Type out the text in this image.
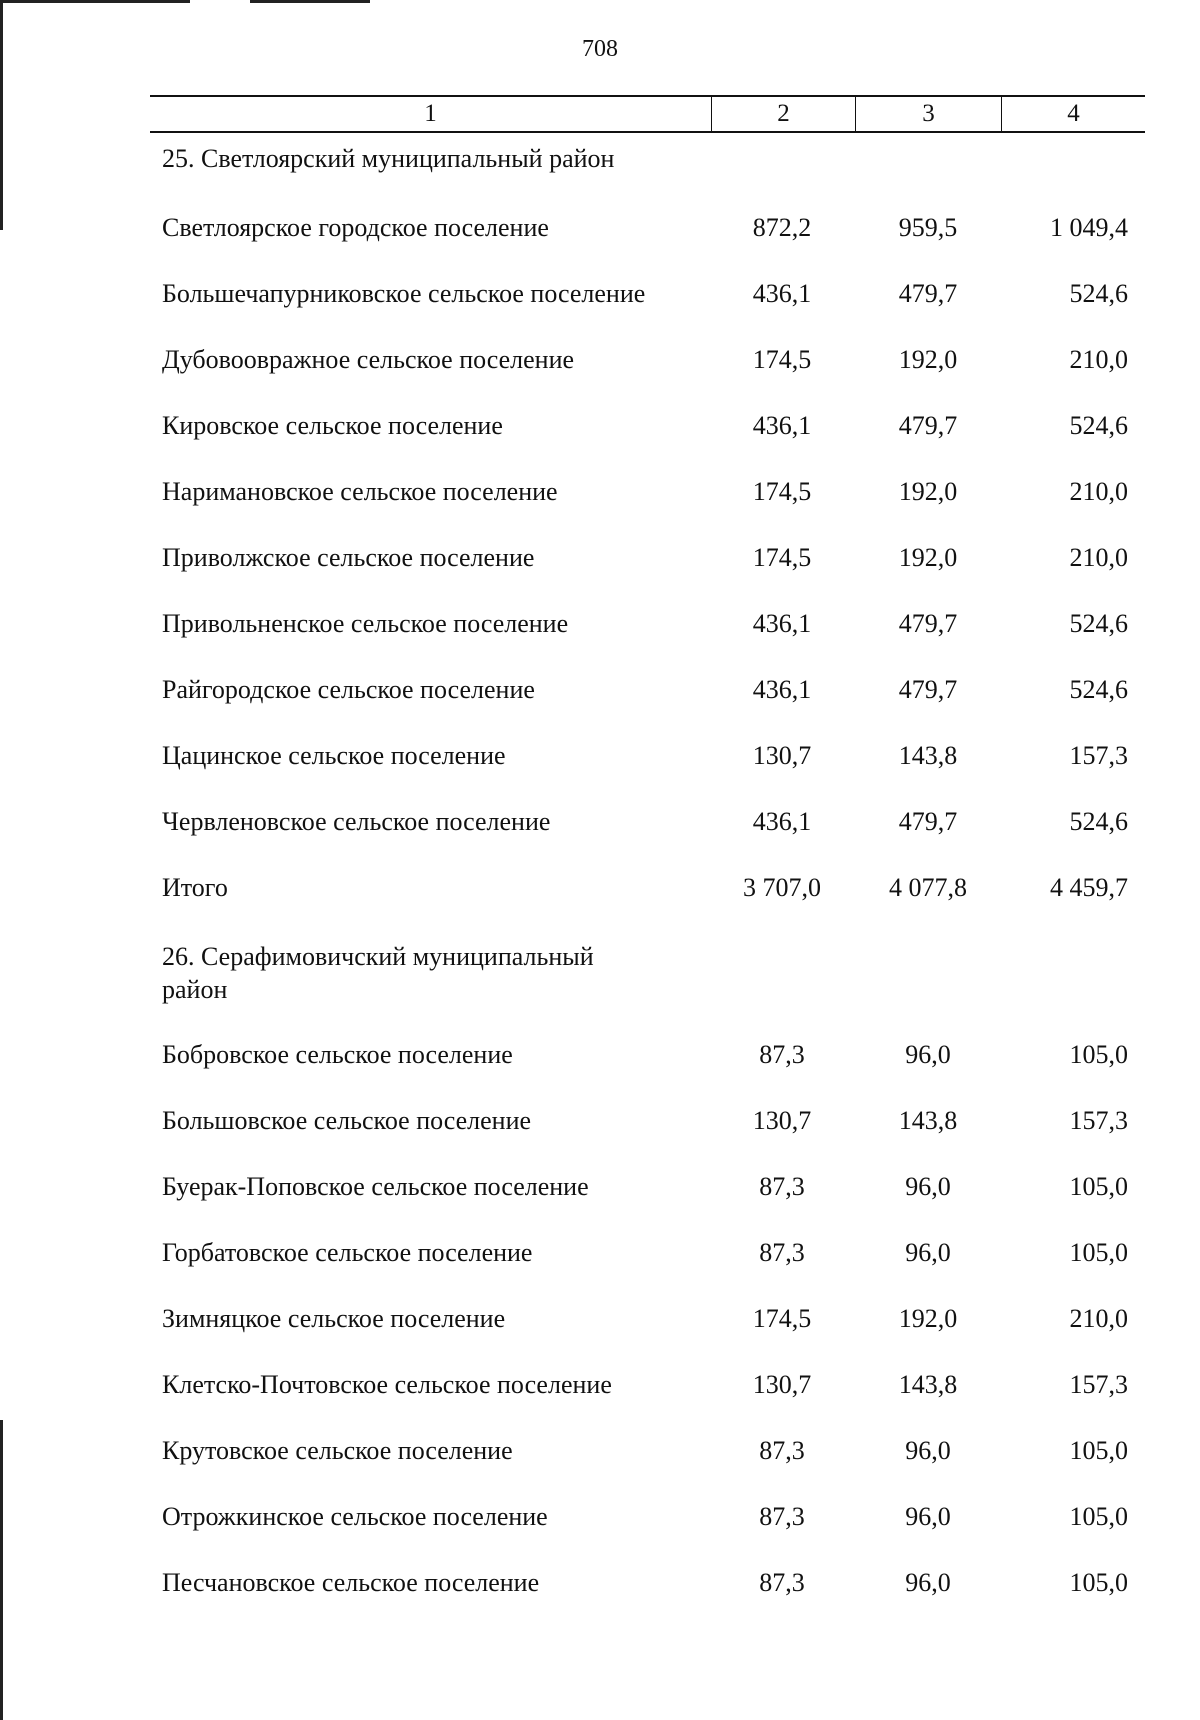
708
1	2	3	4
25. Светлоярский муниципальный район
Светлоярское городское поселение	872,2	959,5	1 049,4
Большечапурниковское сельское поселение	436,1	479,7	524,6
Дубовоовражное сельское поселение	174,5	192,0	210,0
Кировское сельское поселение	436,1	479,7	524,6
Наримановское сельское поселение	174,5	192,0	210,0
Приволжское сельское поселение	174,5	192,0	210,0
Привольненское сельское поселение	436,1	479,7	524,6
Райгородское сельское поселение	436,1	479,7	524,6
Цацинское сельское поселение	130,7	143,8	157,3
Червленовское сельское поселение	436,1	479,7	524,6
Итого	3 707,0	4 077,8	4 459,7
26. Серафимовичский муниципальный район
Бобровское сельское поселение	87,3	96,0	105,0
Большовское сельское поселение	130,7	143,8	157,3
Буерак-Поповское сельское поселение	87,3	96,0	105,0
Горбатовское сельское поселение	87,3	96,0	105,0
Зимняцкое сельское поселение	174,5	192,0	210,0
Клетско-Почтовское сельское поселение	130,7	143,8	157,3
Крутовское сельское поселение	87,3	96,0	105,0
Отрожкинское сельское поселение	87,3	96,0	105,0
Песчановское сельское поселение	87,3	96,0	105,0
